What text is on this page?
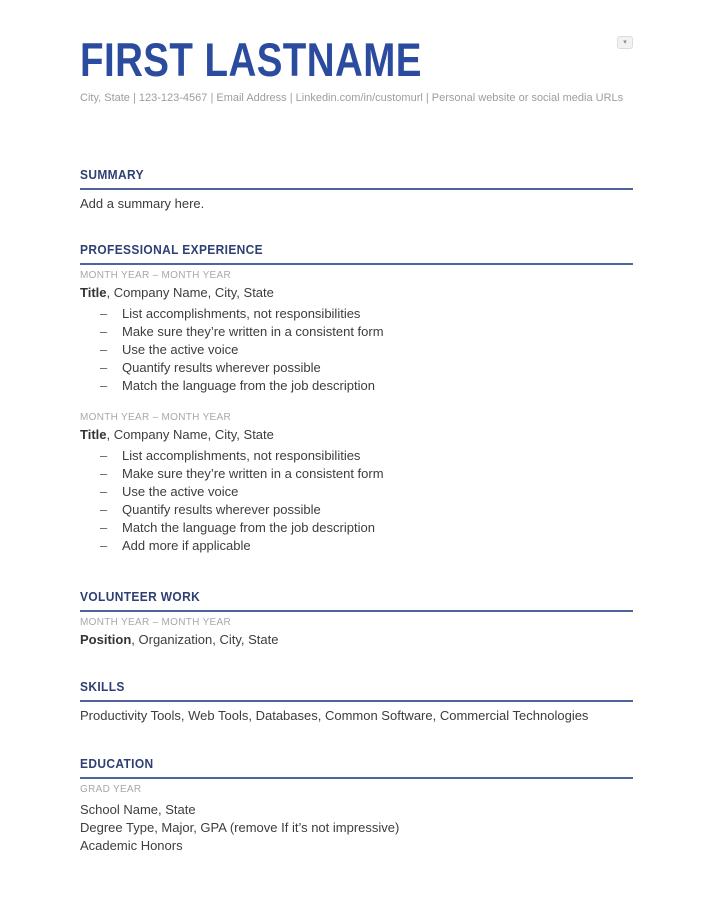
▾
FIRST LASTNAME
City, State | 123-123-4567 | Email Address | Linkedin.com/in/customurl | Personal website or social media URLs
SUMMARY
Add a summary here.
PROFESSIONAL EXPERIENCE
MONTH YEAR – MONTH YEAR
Title, Company Name, City, State
–	List accomplishments, not responsibilities
–	Make sure they’re written in a consistent form
–	Use the active voice
–	Quantify results wherever possible
–	Match the language from the job description
MONTH YEAR – MONTH YEAR
Title, Company Name, City, State
–	List accomplishments, not responsibilities
–	Make sure they’re written in a consistent form
–	Use the active voice
–	Quantify results wherever possible
–	Match the language from the job description
–	Add more if applicable
VOLUNTEER WORK
MONTH YEAR – MONTH YEAR
Position, Organization, City, State
SKILLS
Productivity Tools, Web Tools, Databases, Common Software, Commercial Technologies
EDUCATION
GRAD YEAR
School Name, State
Degree Type, Major, GPA (remove If it’s not impressive)
Academic Honors
